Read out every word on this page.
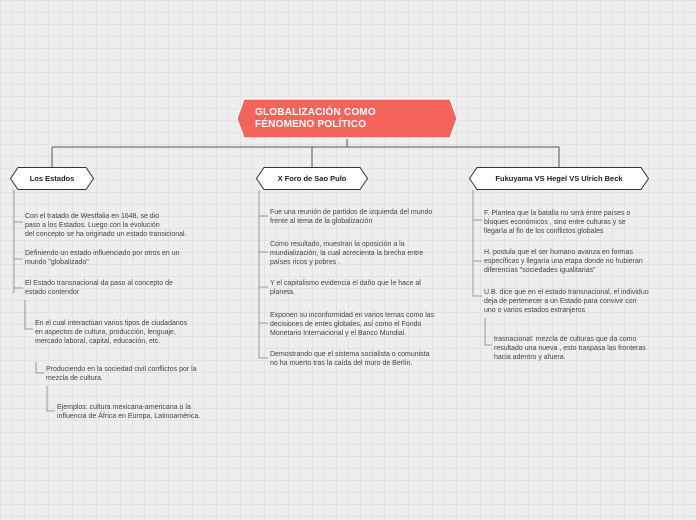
GLOBALIZACIÓN COMO
FÉNOMENO POLÍTICO
Los Estados	X Foro de Sao Pulo	Fukuyama VS Hegel VS Ulrich Beck
Con el tratado de Westfalia en 1648, se dio
paso a los Estados. Luego con la evolución
del concepto se ha originado un estado transicional.
Definiendo un estado influenciado por otros en un
mundo "globalizado"
El Estado transnacional da paso al concepto de
estado contendor
En el cual interactúan varios tipos de ciudadanos
en aspectos de cultura, producción, lenguaje,
mercado laboral, capital, educación, etc.
Produciendo en la sociedad civil conflictos por la
mezcla de cultura.
Ejemplos: cultura mexicana-americana o la
influencia de África en Europa, Latinoamérica.
Fue una reunión de partidos de izquierda del mundo
frente al tema de la globalización
Como resultado, muestran la oposición a la
mundialización, la cual acrecienta la brecha entre
países ricos y pobres .
Y el capitalismo evidencia el daño que le hace al
planeta.
Exponen su inconformidad en varios temas como las
decisiones de entes globales, así como el Fondo
Monetario Internacional y el Banco Mundial.
Demostrando que el sistema socialista o comunista
no ha muerto tras la caída del muro de Berlín.
F. Plantea que la batalla no será entre países o
bloques económicos , sino entre culturas y se
llegaría al fin de los conflictos globales
H. postula que el ser humano avanza en formas
específicas y llegaría una etapa donde no hubieran
diferencias "sociedades igualitarias"
U.B. dice que en el estado transnacional, el individuo
deja de pertenecer a un Estado para convivir con
uno o varios estados extranjeros
trasnacional: mezcla de culturas que da como
resultado una nueva , esto traspasa las fronteras
hacia adentro y afuera.
